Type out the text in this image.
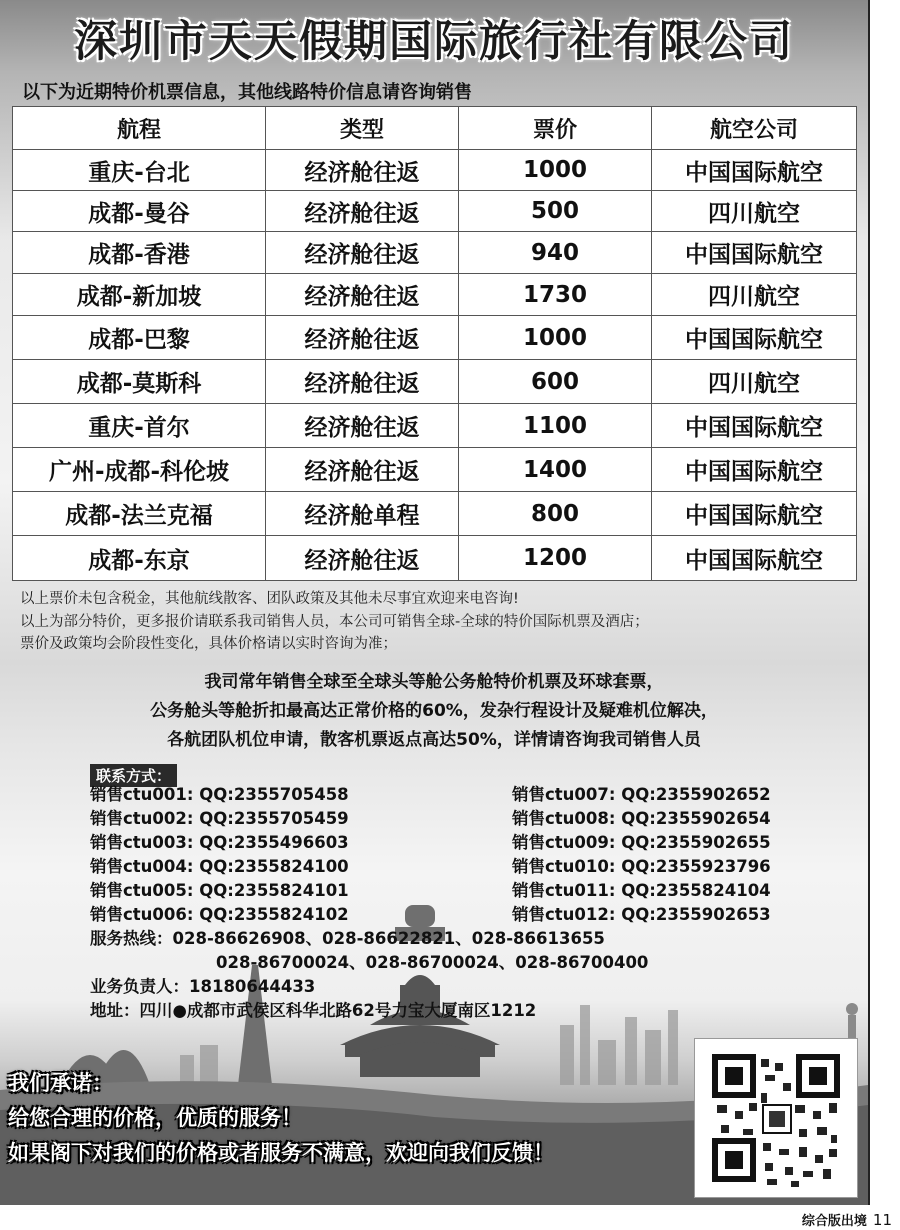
深圳市天天假期国际旅行社有限公司
以下为近期特价机票信息，其他线路特价信息请咨询销售
航程	类型	票价	航空公司
重庆-台北	经济舱往返	1000	中国国际航空
成都-曼谷	经济舱往返	500	四川航空
成都-香港	经济舱往返	940	中国国际航空
成都-新加坡	经济舱往返	1730	四川航空
成都-巴黎	经济舱往返	1000	中国国际航空
成都-莫斯科	经济舱往返	600	四川航空
重庆-首尔	经济舱往返	1100	中国国际航空
广州-成都-科伦坡	经济舱往返	1400	中国国际航空
成都-法兰克福	经济舱单程	800	中国国际航空
成都-东京	经济舱往返	1200	中国国际航空
以上票价未包含税金，其他航线散客、团队政策及其他未尽事宜欢迎来电咨询!
以上为部分特价，更多报价请联系我司销售人员，本公司可销售全球-全球的特价国际机票及酒店；
票价及政策均会阶段性变化，具体价格请以实时咨询为准；
我司常年销售全球至全球头等舱公务舱特价机票及环球套票，
公务舱头等舱折扣最高达正常价格的60%，发杂行程设计及疑难机位解决，
各航团队机位申请，散客机票返点高达50%，详情请咨询我司销售人员
联系方式：
销售ctu001: QQ:2355705458
销售ctu002: QQ:2355705459
销售ctu003: QQ:2355496603
销售ctu004: QQ:2355824100
销售ctu005: QQ:2355824101
销售ctu006: QQ:2355824102
销售ctu007: QQ:2355902652
销售ctu008: QQ:2355902654
销售ctu009: QQ:2355902655
销售ctu010: QQ:2355923796
销售ctu011: QQ:2355824104
销售ctu012: QQ:2355902653
服务热线：028-86626908、028-86622821、028-86613655
028-86700024、028-86700024、028-86700400
业务负责人：18180644433
地址：四川●成都市武侯区科华北路62号力宝大厦南区1212
我们承诺：
给您合理的价格，优质的服务！
如果阁下对我们的价格或者服务不满意，欢迎向我们反馈！
综合版出境 11
